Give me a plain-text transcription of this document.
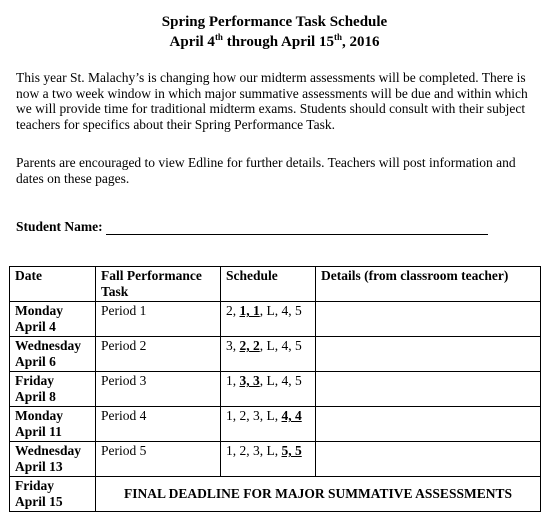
Spring Performance Task Schedule
April 4th through April 15th, 2016

This year St. Malachy’s is changing how our midterm assessments will be completed. There is now a two week window in which major summative assessments will be due and within which we will provide time for traditional midterm exams. Students should consult with their subject teachers for specifics about their Spring Performance Task.

Parents are encouraged to view Edline for further details. Teachers will post information and dates on these pages.

Student Name:
Date	Fall Performance Task	Schedule	Details (from classroom teacher)
Monday
April 4	Period 1	2, 1, 1, L, 4, 5	
Wednesday
April 6	Period 2	3, 2, 2, L, 4, 5	
Friday
April 8	Period 3	1, 3, 3, L, 4, 5	
Monday
April 11	Period 4	1, 2, 3, L, 4, 4	
Wednesday
April 13	Period 5	1, 2, 3, L, 5, 5	
Friday
April 15	FINAL DEADLINE FOR MAJOR SUMMATIVE ASSESSMENTS		
